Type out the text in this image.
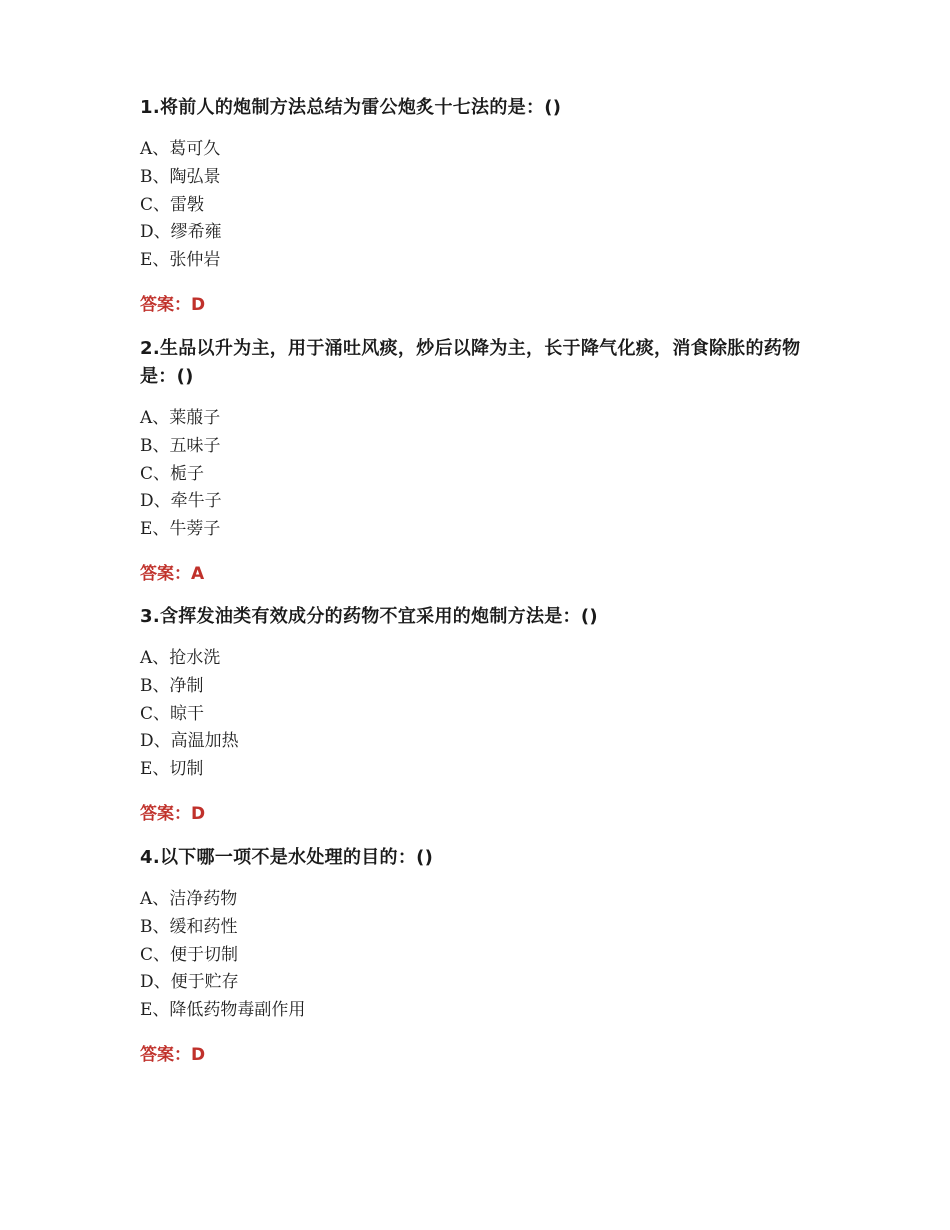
1.将前人的炮制方法总结为雷公炮炙十七法的是：()

A、葛可久
B、陶弘景
C、雷斅
D、缪希雍
E、张仲岩
答案：D

2.生品以升为主，用于涌吐风痰，炒后以降为主，长于降气化痰，消食除胀的药物是：()

A、莱菔子
B、五味子
C、栀子
D、牵牛子
E、牛蒡子
答案：A

3.含挥发油类有效成分的药物不宜采用的炮制方法是：()

A、抢水洗
B、净制
C、晾干
D、高温加热
E、切制
答案：D

4.以下哪一项不是水处理的目的：()

A、洁净药物
B、缓和药性
C、便于切制
D、便于贮存
E、降低药物毒副作用
答案：D
